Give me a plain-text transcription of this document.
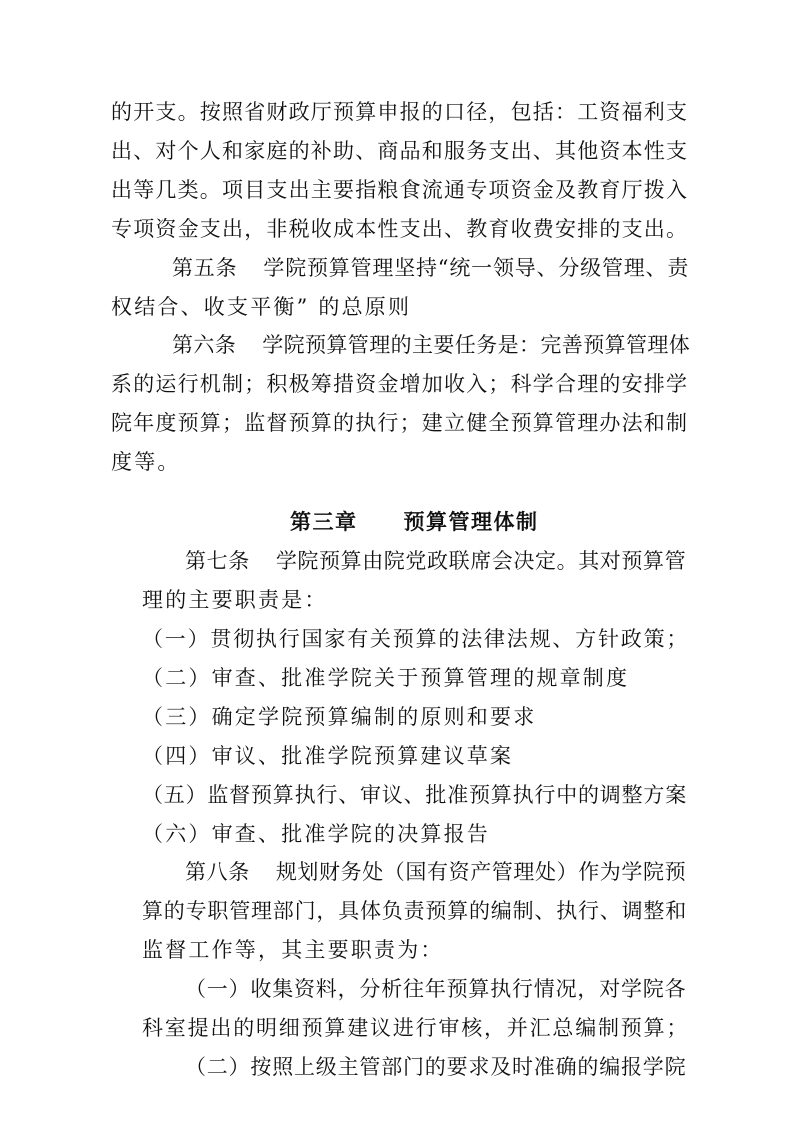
的开支。按照省财政厅预算申报的口径，包括：工资福利支
出、对个人和家庭的补助、商品和服务支出、其他资本性支
出等几类。项目支出主要指粮食流通专项资金及教育厅拨入
专项资金支出，非税收成本性支出、教育收费安排的支出。
第五条 学院预算管理坚持“统一领导、分级管理、责
权结合、收支平衡” 的总原则
第六条 学院预算管理的主要任务是：完善预算管理体
系的运行机制；积极筹措资金增加收入；科学合理的安排学
院年度预算；监督预算的执行；建立健全预算管理办法和制
度等。
第三章 预算管理体制
第七条 学院预算由院党政联席会决定。其对预算管
理的主要职责是：
（一）贯彻执行国家有关预算的法律法规、方针政策；
（二）审查、批准学院关于预算管理的规章制度
（三）确定学院预算编制的原则和要求
（四）审议、批准学院预算建议草案
（五）监督预算执行、审议、批准预算执行中的调整方案
（六）审查、批准学院的决算报告
第八条 规划财务处（国有资产管理处）作为学院预
算的专职管理部门，具体负责预算的编制、执行、调整和
监督工作等，其主要职责为：
（一）收集资料，分析往年预算执行情况，对学院各
科室提出的明细预算建议进行审核，并汇总编制预算；
（二）按照上级主管部门的要求及时准确的编报学院
